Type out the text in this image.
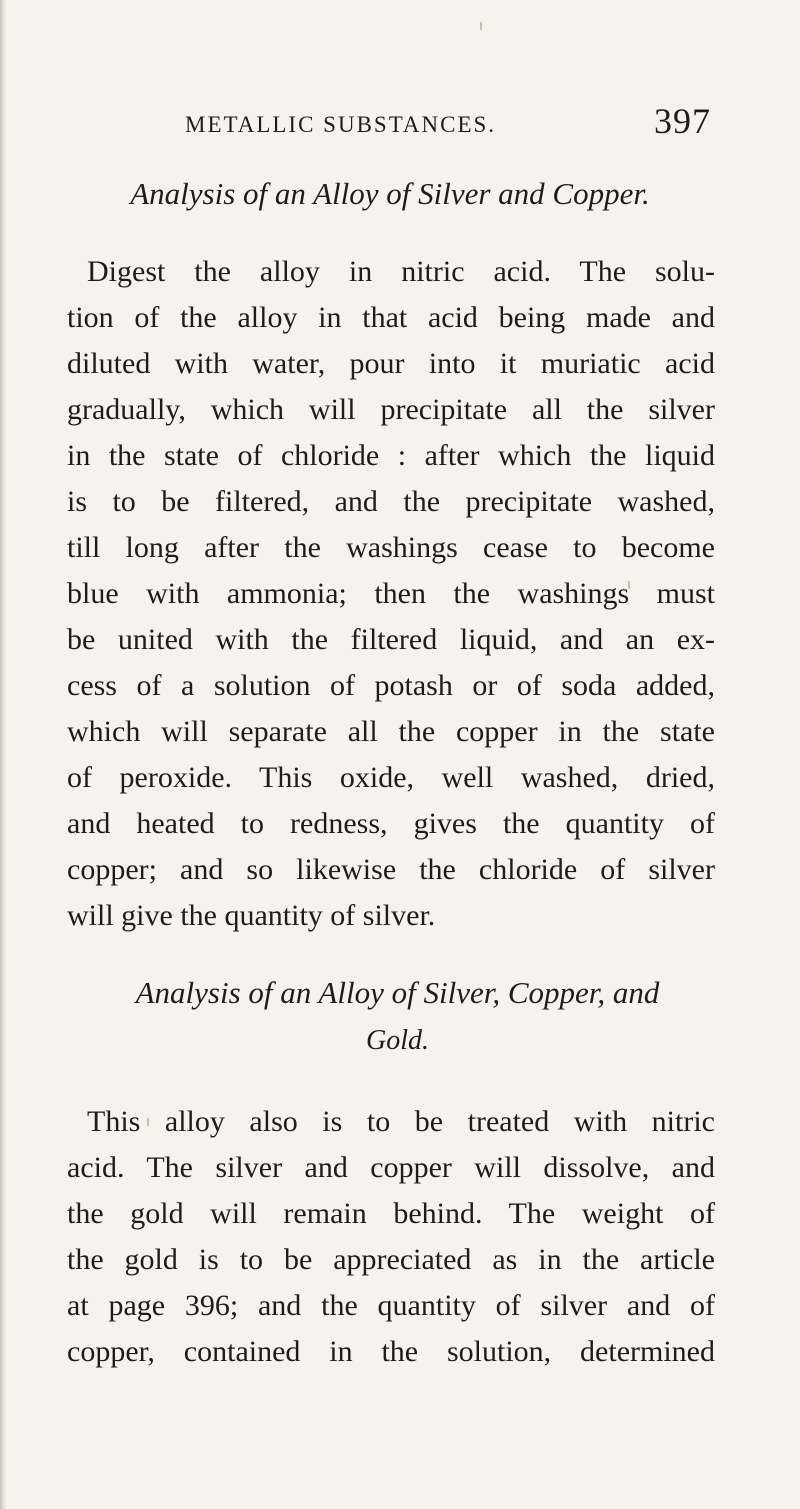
METALLIC SUBSTANCES.	397
Analysis of an Alloy of Silver and Copper.
Digest the alloy in nitric acid. The solu-
tion of the alloy in that acid being made and
diluted with water, pour into it muriatic acid
gradually, which will precipitate all the silver
in the state of chloride : after which the liquid
is to be filtered, and the precipitate washed,
till long after the washings cease to become
blue with ammonia; then the washings must
be united with the filtered liquid, and an ex-
cess of a solution of potash or of soda added,
which will separate all the copper in the state
of peroxide. This oxide, well washed, dried,
and heated to redness, gives the quantity of
copper; and so likewise the chloride of silver
will give the quantity of silver.
Analysis of an Alloy of Silver, Copper, and
Gold.
This alloy also is to be treated with nitric
acid. The silver and copper will dissolve, and
the gold will remain behind. The weight of
the gold is to be appreciated as in the article
at page 396; and the quantity of silver and of
copper, contained in the solution, determined
